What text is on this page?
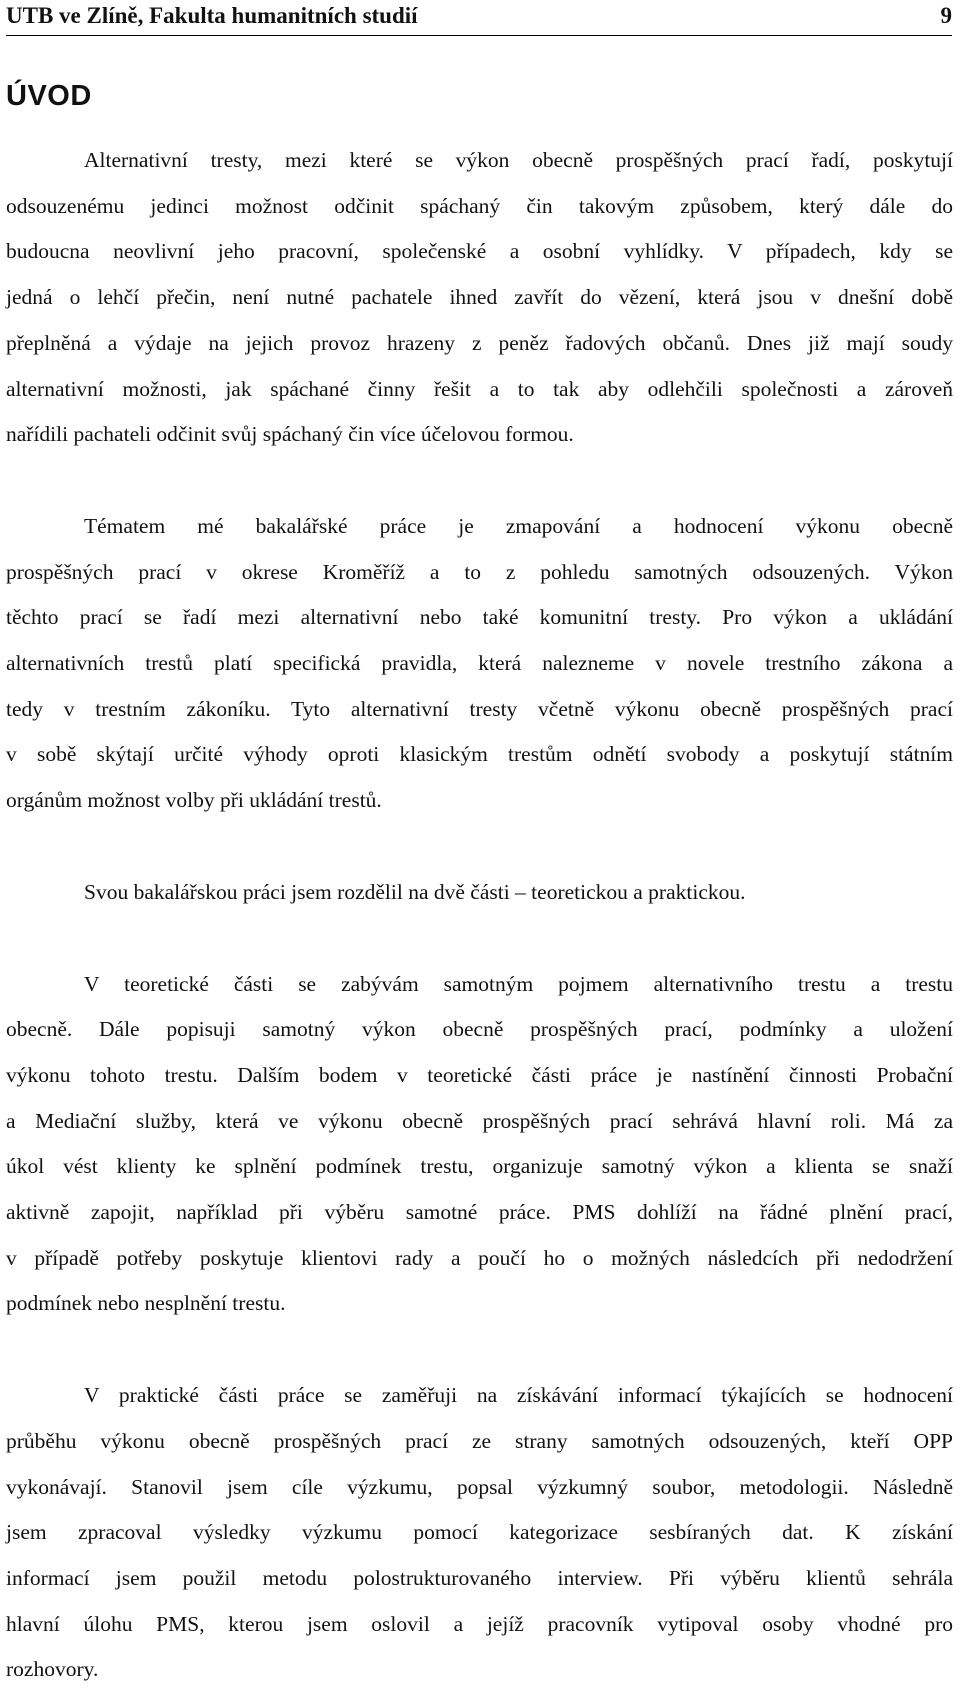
UTB ve Zlíně, Fakulta humanitních studií	9
ÚVOD

Alternativní tresty, mezi které se výkon obecně prospěšných prací řadí, poskytují
odsouzenému jedinci možnost odčinit spáchaný čin takovým způsobem, který dále do
budoucna neovlivní jeho pracovní, společenské a osobní vyhlídky. V případech, kdy se
jedná o lehčí přečin, není nutné pachatele ihned zavřít do vězení, která jsou v dnešní době
přeplněná a výdaje na jejich provoz hrazeny z peněz řadových občanů. Dnes již mají soudy
alternativní možnosti, jak spáchané činny řešit a to tak aby odlehčili společnosti a zároveň
nařídili pachateli odčinit svůj spáchaný čin více účelovou formou.

Tématem mé bakalářské práce je zmapování a hodnocení výkonu obecně
prospěšných prací v okrese Kroměříž a to z pohledu samotných odsouzených. Výkon
těchto prací se řadí mezi alternativní nebo také komunitní tresty. Pro výkon a ukládání
alternativních trestů platí specifická pravidla, která nalezneme v novele trestního zákona a
tedy v trestním zákoníku. Tyto alternativní tresty včetně výkonu obecně prospěšných prací
v sobě skýtají určité výhody oproti klasickým trestům odnětí svobody a poskytují státním
orgánům možnost volby při ukládání trestů.

Svou bakalářskou práci jsem rozdělil na dvě části – teoretickou a praktickou.

V teoretické části se zabývám samotným pojmem alternativního trestu a trestu
obecně. Dále popisuji samotný výkon obecně prospěšných prací, podmínky a uložení
výkonu tohoto trestu. Dalším bodem v teoretické části práce je nastínění činnosti Probační
a Mediační služby, která ve výkonu obecně prospěšných prací sehrává hlavní roli. Má za
úkol vést klienty ke splnění podmínek trestu, organizuje samotný výkon a klienta se snaží
aktivně zapojit, například při výběru samotné práce. PMS dohlíží na řádné plnění prací,
v případě potřeby poskytuje klientovi rady a poučí ho o možných následcích při nedodržení
podmínek nebo nesplnění trestu.

V praktické části práce se zaměřuji na získávání informací týkajících se hodnocení
průběhu výkonu obecně prospěšných prací ze strany samotných odsouzených, kteří OPP
vykonávají. Stanovil jsem cíle výzkumu, popsal výzkumný soubor, metodologii. Následně
jsem zpracoval výsledky výzkumu pomocí kategorizace sesbíraných dat. K získání
informací jsem použil metodu polostrukturovaného interview. Při výběru klientů sehrála
hlavní úlohu PMS, kterou jsem oslovil a jejíž pracovník vytipoval osoby vhodné pro
rozhovory.
